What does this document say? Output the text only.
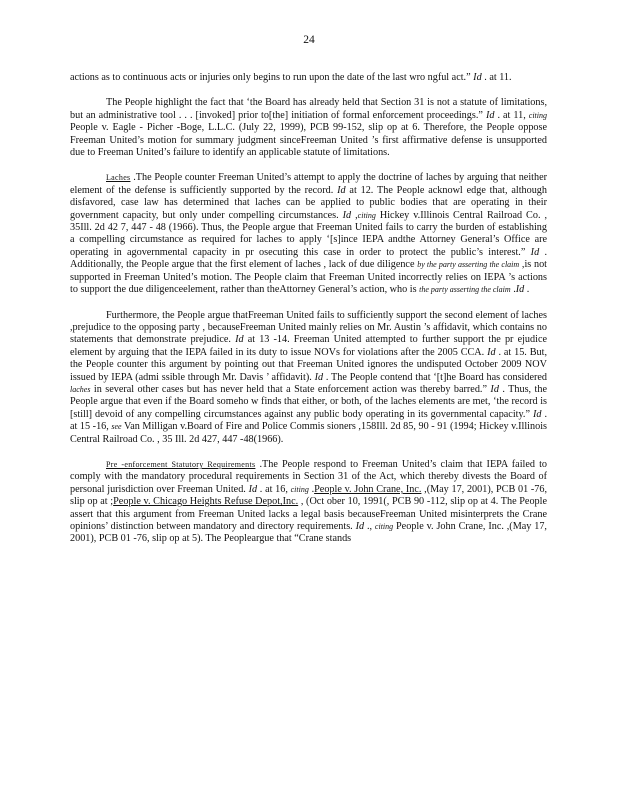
24

actions as to continuous acts or injuries only begins to run upon the date of the last wro ngful act.” Id . at 11.

The People highlight the fact that ‘the Board has already held that Section 31 is not a statute of limitations, but an administrative tool . . . [invoked] prior to[the] initiation of formal enforcement proceedings.” Id . at 11, citing People v. Eagle - Picher -Boge, L.L.C. (July 22, 1999), PCB 99-152, slip op at 6. Therefore, the People oppose Freeman United’s motion for summary judgment sinceFreeman United ’s first affirmative defense is unsupported due to Freeman United’s failure to identify an applicable statute of limitations.

Laches .The People counter Freeman United’s attempt to apply the doctrine of laches by arguing that neither element of the defense is sufficiently supported by the record. Id at 12. The People acknowl edge that, although disfavored, case law has determined that laches can be applied to public bodies that are operating in their government capacity, but only under compelling circumstances. Id ,citing Hickey v.Illinois Central Railroad Co. , 35Ill. 2d 42 7, 447 - 48 (1966). Thus, the People argue that Freeman United fails to carry the burden of establishing a compelling circumstance as required for laches to apply ‘[s]ince IEPA andthe Attorney General’s Office are operating in agovernmental capacity in pr osecuting this case in order to protect the public’s interest.” Id . Additionally, the People argue that the first element of laches , lack of due diligence by the party asserting the claim ,is not supported in Freeman United’s motion. The People claim that Freeman United incorrectly relies on IEPA ’s actions to support the due diligenceelement, rather than theAttorney General’s action, who is the party asserting the claim .Id .

Furthermore, the People argue thatFreeman United fails to sufficiently support the second element of laches ,prejudice to the opposing party , becauseFreeman United mainly relies on Mr. Austin ’s affidavit, which contains no statements that demonstrate prejudice. Id at 13 -14. Freeman United attempted to further support the pr ejudice element by arguing that the IEPA failed in its duty to issue NOVs for violations after the 2005 CCA. Id . at 15. But, the People counter this argument by pointing out that Freeman United ignores the undisputed October 2009 NOV issued by IEPA (admi ssible through Mr. Davis ’ affidavit). Id . The People contend that ‘[t]he Board has considered laches in several other cases but has never held that a State enforcement action was thereby barred.” Id . Thus, the People argue that even if the Board someho w finds that either, or both, of the laches elements are met, ‘the record is [still] devoid of any compelling circumstances against any public body operating in its governmental capacity.” Id . at 15 -16, see Van Milligan v.Board of Fire and Police Commis sioners ,158Ill. 2d 85, 90 - 91 (1994; Hickey v.Illinois Central Railroad Co. , 35 Ill. 2d 427, 447 -48(1966).

Pre -enforcement Statutory Requirements .The People respond to Freeman United’s claim that IEPA failed to comply with the mandatory procedural requirements in Section 31 of the Act, which thereby divests the Board of personal jurisdiction over Freeman United. Id . at 16, citing .People v. John Crane, Inc. ,(May 17, 2001), PCB 01 -76, slip op at ;People v. Chicago Heights Refuse Depot,Inc. , (Oct ober 10, 1991(, PCB 90 -112, slip op at 4. The People assert that this argument from Freeman United lacks a legal basis becauseFreeman United misinterprets the Crane opinions’ distinction between mandatory and directory requirements. Id ., citing People v. John Crane, Inc. ,(May 17, 2001), PCB 01 -76, slip op at 5). The Peopleargue that “Crane stands
